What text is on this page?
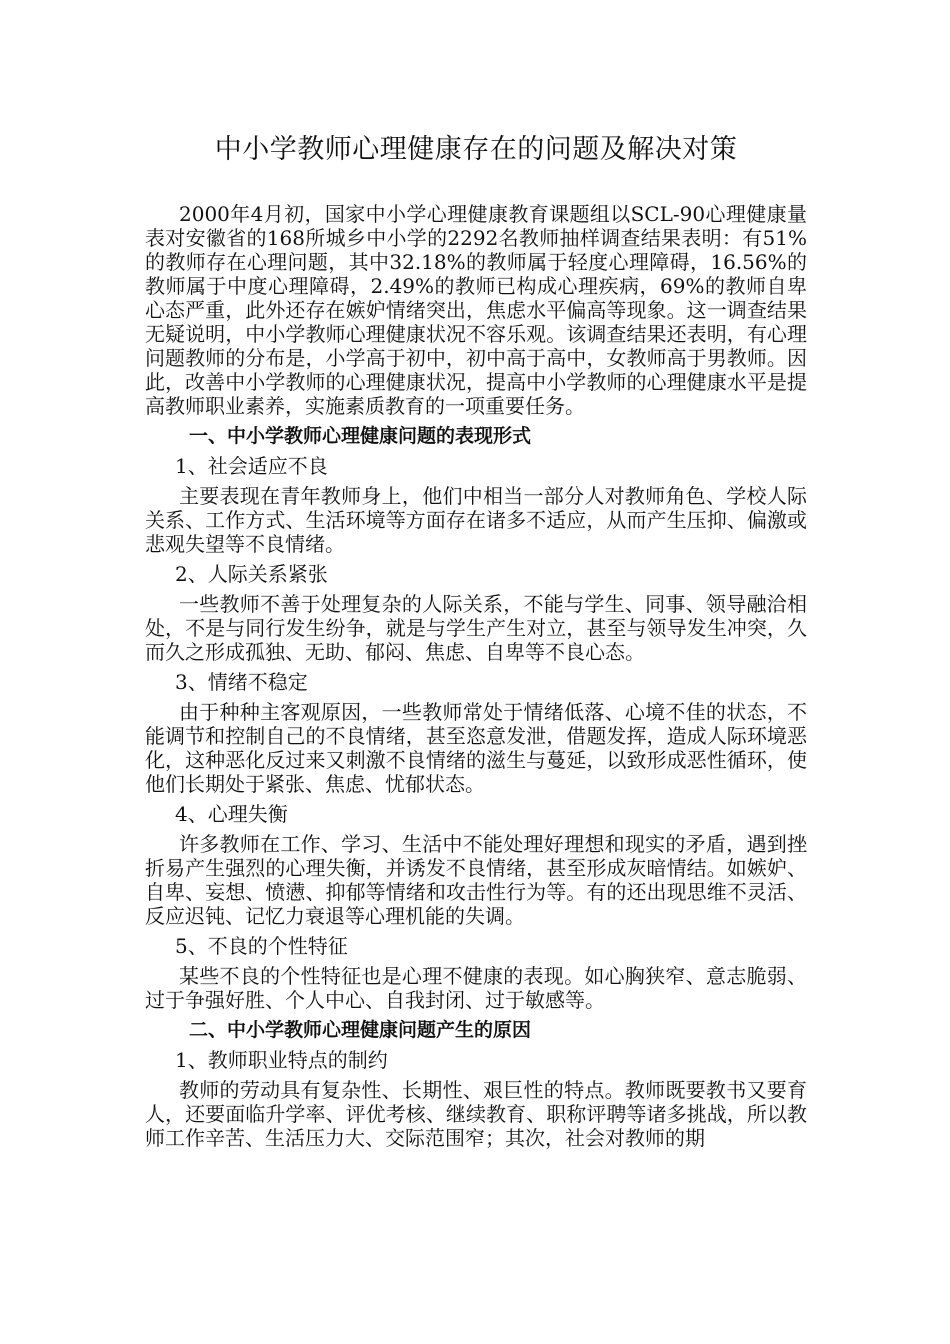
中小学教师心理健康存在的问题及解决对策

2000年4月初，国家中小学心理健康教育课题组以SCL-90心理健康量表对安徽省的168所城乡中小学的2292名教师抽样调查结果表明：有51%的教师存在心理问题，其中32.18%的教师属于轻度心理障碍，16.56%的教师属于中度心理障碍，2.49%的教师已构成心理疾病，69%的教师自卑心态严重，此外还存在嫉妒情绪突出，焦虑水平偏高等现象。这一调查结果无疑说明，中小学教师心理健康状况不容乐观。该调查结果还表明，有心理问题教师的分布是，小学高于初中，初中高于高中，女教师高于男教师。因此，改善中小学教师的心理健康状况，提高中小学教师的心理健康水平是提高教师职业素养，实施素质教育的一项重要任务。

一、中小学教师心理健康问题的表现形式
1、社会适应不良

主要表现在青年教师身上，他们中相当一部分人对教师角色、学校人际关系、工作方式、生活环境等方面存在诸多不适应，从而产生压抑、偏激或悲观失望等不良情绪。

2、人际关系紧张

一些教师不善于处理复杂的人际关系，不能与学生、同事、领导融洽相处，不是与同行发生纷争，就是与学生产生对立，甚至与领导发生冲突，久而久之形成孤独、无助、郁闷、焦虑、自卑等不良心态。

3、情绪不稳定

由于种种主客观原因，一些教师常处于情绪低落、心境不佳的状态，不能调节和控制自己的不良情绪，甚至恣意发泄，借题发挥，造成人际环境恶化，这种恶化反过来又刺激不良情绪的滋生与蔓延，以致形成恶性循环，使他们长期处于紧张、焦虑、忧郁状态。

4、心理失衡

许多教师在工作、学习、生活中不能处理好理想和现实的矛盾，遇到挫折易产生强烈的心理失衡，并诱发不良情绪，甚至形成灰暗情结。如嫉妒、自卑、妄想、愤懑、抑郁等情绪和攻击性行为等。有的还出现思维不灵活、反应迟钝、记忆力衰退等心理机能的失调。

5、不良的个性特征

某些不良的个性特征也是心理不健康的表现。如心胸狭窄、意志脆弱、过于争强好胜、个人中心、自我封闭、过于敏感等。

二、中小学教师心理健康问题产生的原因
1、教师职业特点的制约

教师的劳动具有复杂性、长期性、艰巨性的特点。教师既要教书又要育人，还要面临升学率、评优考核、继续教育、职称评聘等诸多挑战，所以教师工作辛苦、生活压力大、交际范围窄；其次，社会对教师的期
